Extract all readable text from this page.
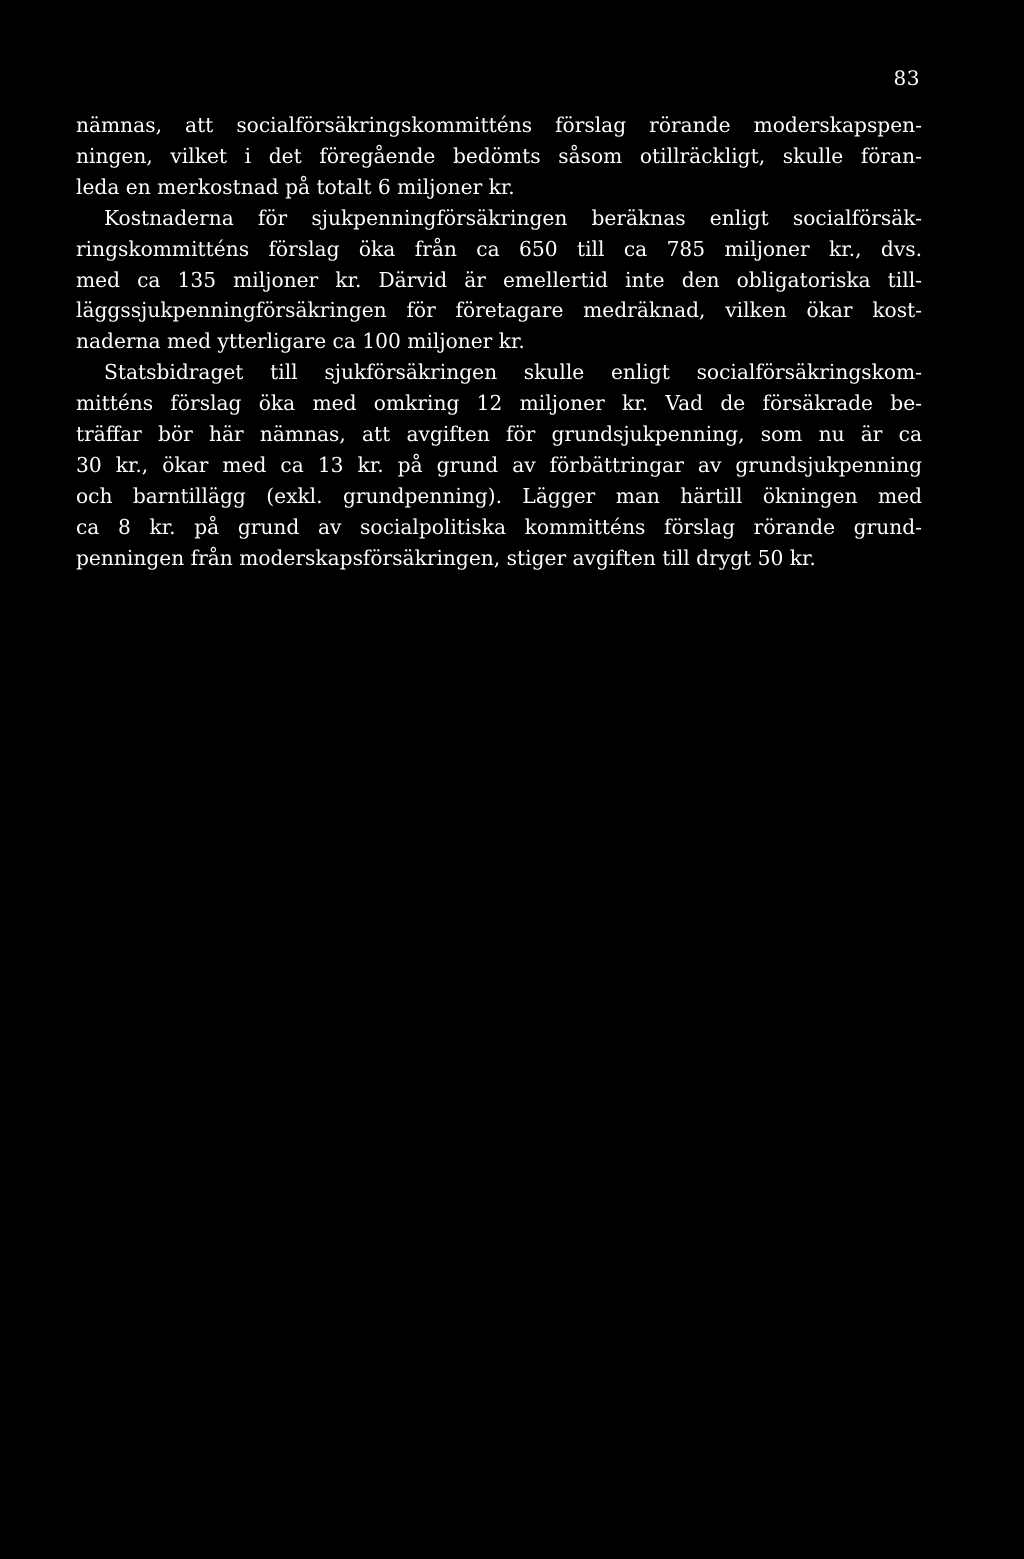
83
nämnas, att socialförsäkringskommitténs förslag rörande moderskapspen-
ningen, vilket i det föregående bedömts såsom otillräckligt, skulle föran-
leda en merkostnad på totalt 6 miljoner kr.
Kostnaderna för sjukpenningförsäkringen beräknas enligt socialförsäk-
ringskommitténs förslag öka från ca 650 till ca 785 miljoner kr., dvs.
med ca 135 miljoner kr. Därvid är emellertid inte den obligatoriska till-
läggssjukpenningförsäkringen för företagare medräknad, vilken ökar kost-
naderna med ytterligare ca 100 miljoner kr.
Statsbidraget till sjukförsäkringen skulle enligt socialförsäkringskom-
mitténs förslag öka med omkring 12 miljoner kr. Vad de försäkrade be-
träffar bör här nämnas, att avgiften för grundsjukpenning, som nu är ca
30 kr., ökar med ca 13 kr. på grund av förbättringar av grundsjukpenning
och barntillägg (exkl. grundpenning). Lägger man härtill ökningen med
ca 8 kr. på grund av socialpolitiska kommitténs förslag rörande grund-
penningen från moderskapsförsäkringen, stiger avgiften till drygt 50 kr.
